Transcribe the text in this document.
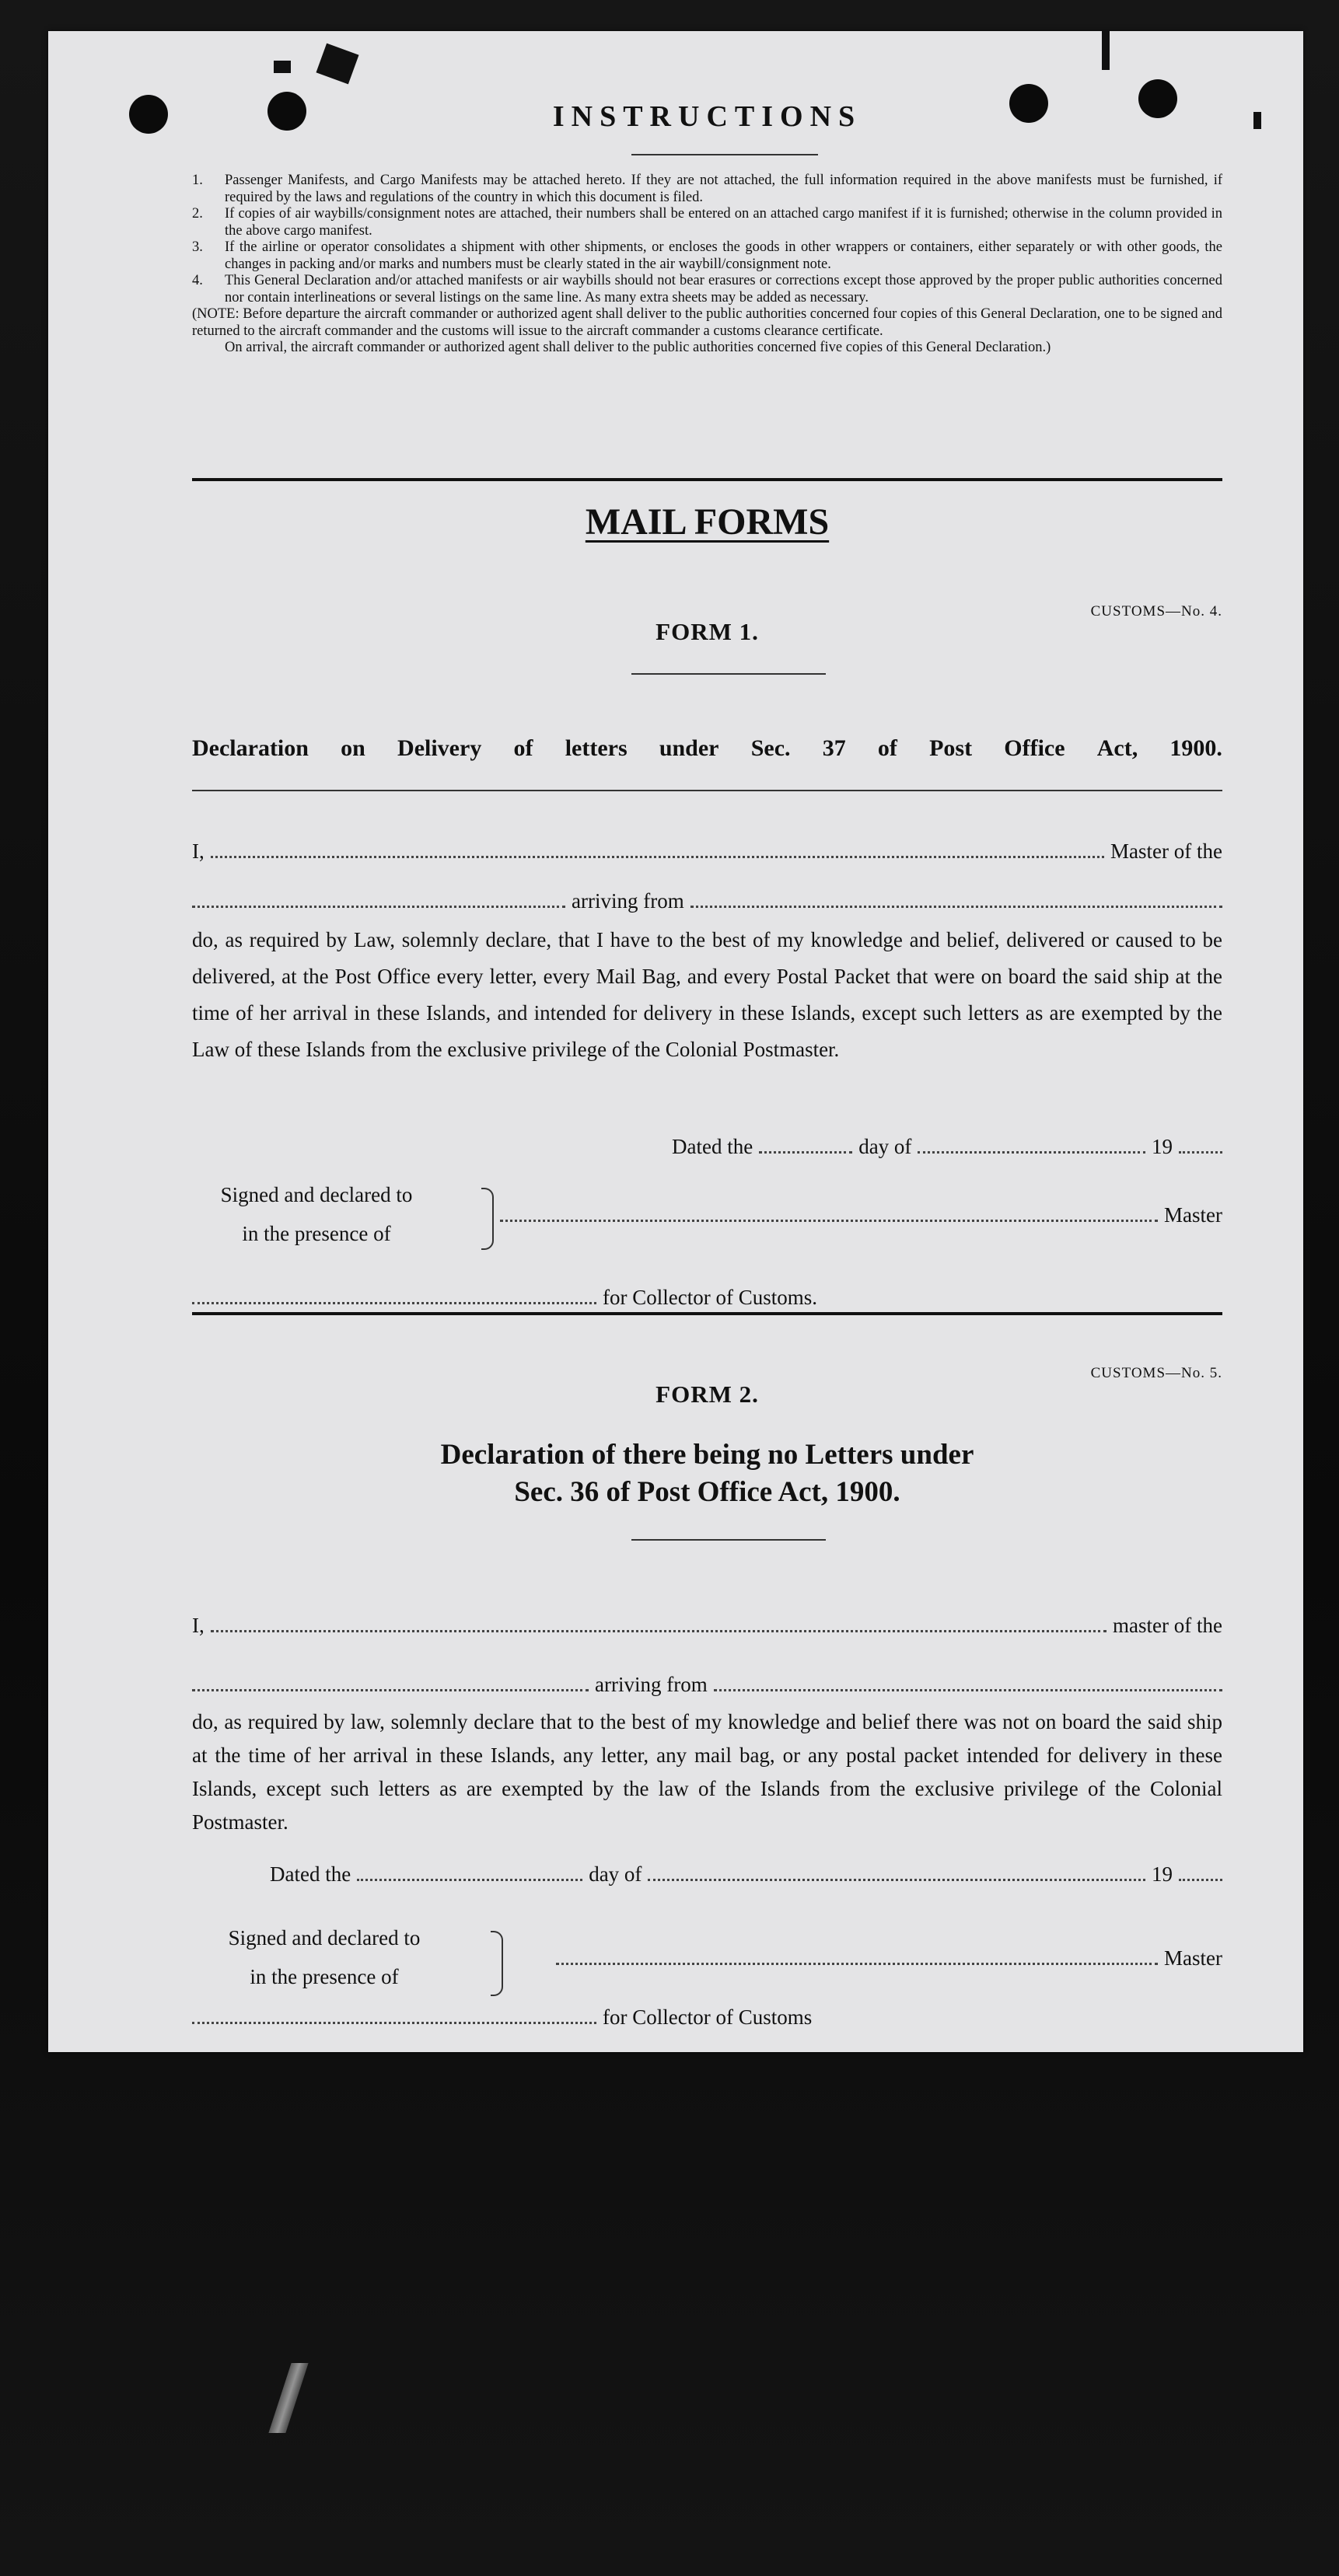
INSTRUCTIONS
1.	Passenger Manifests, and Cargo Manifests may be attached hereto. If they are not attached, the full information required in the above manifests must be furnished, if required by the laws and regulations of the country in which this document is filed.
2.	If copies of air waybills/consignment notes are attached, their numbers shall be entered on an attached cargo manifest if it is furnished; otherwise in the column provided in the above cargo manifest.
3.	If the airline or operator consolidates a shipment with other shipments, or encloses the goods in other wrappers or containers, either separately or with other goods, the changes in packing and/or marks and numbers must be clearly stated in the air waybill/consignment note.
4.	This General Declaration and/or attached manifests or air waybills should not bear erasures or corrections except those approved by the proper public authorities concerned nor contain interlineations or several listings on the same line. As many extra sheets may be added as necessary.
(NOTE: Before departure the aircraft commander or authorized agent shall deliver to the public authorities concerned four copies of this General Declaration, one to be signed and returned to the aircraft commander and the customs will issue to the aircraft commander a customs clearance certificate.
On arrival, the aircraft commander or authorized agent shall deliver to the public authorities concerned five copies of this General Declaration.)
MAIL FORMS
CUSTOMS—No. 4.
FORM 1.
Declaration on Delivery of letters under Sec. 37 of Post Office Act, 1900.
I,	Master of the
arriving from
do, as required by Law, solemnly declare, that I have to the best of my knowledge and belief, delivered or caused to be delivered, at the Post Office every letter, every Mail Bag, and every Postal Packet that were on board the said ship at the time of her arrival in these Islands, and intended for delivery in these Islands, except such letters as are exempted by the Law of these Islands from the exclusive privilege of the Colonial Postmaster.
Dated the	day of	19
Signed and declared to
in the presence of
Master
for Collector of Customs.
CUSTOMS—No. 5.
FORM 2.
Declaration of there being no Letters under
Sec. 36 of Post Office Act, 1900.
I,	master of the
arriving from
do, as required by law, solemnly declare that to the best of my knowledge and belief there was not on board the said ship at the time of her arrival in these Islands, any letter, any mail bag, or any postal packet intended for delivery in these Islands, except such letters as are exempted by the law of the Islands from the exclusive privilege of the Colonial Postmaster.
Dated the	day of	19
Signed and declared to
in the presence of
Master
for Collector of Customs
